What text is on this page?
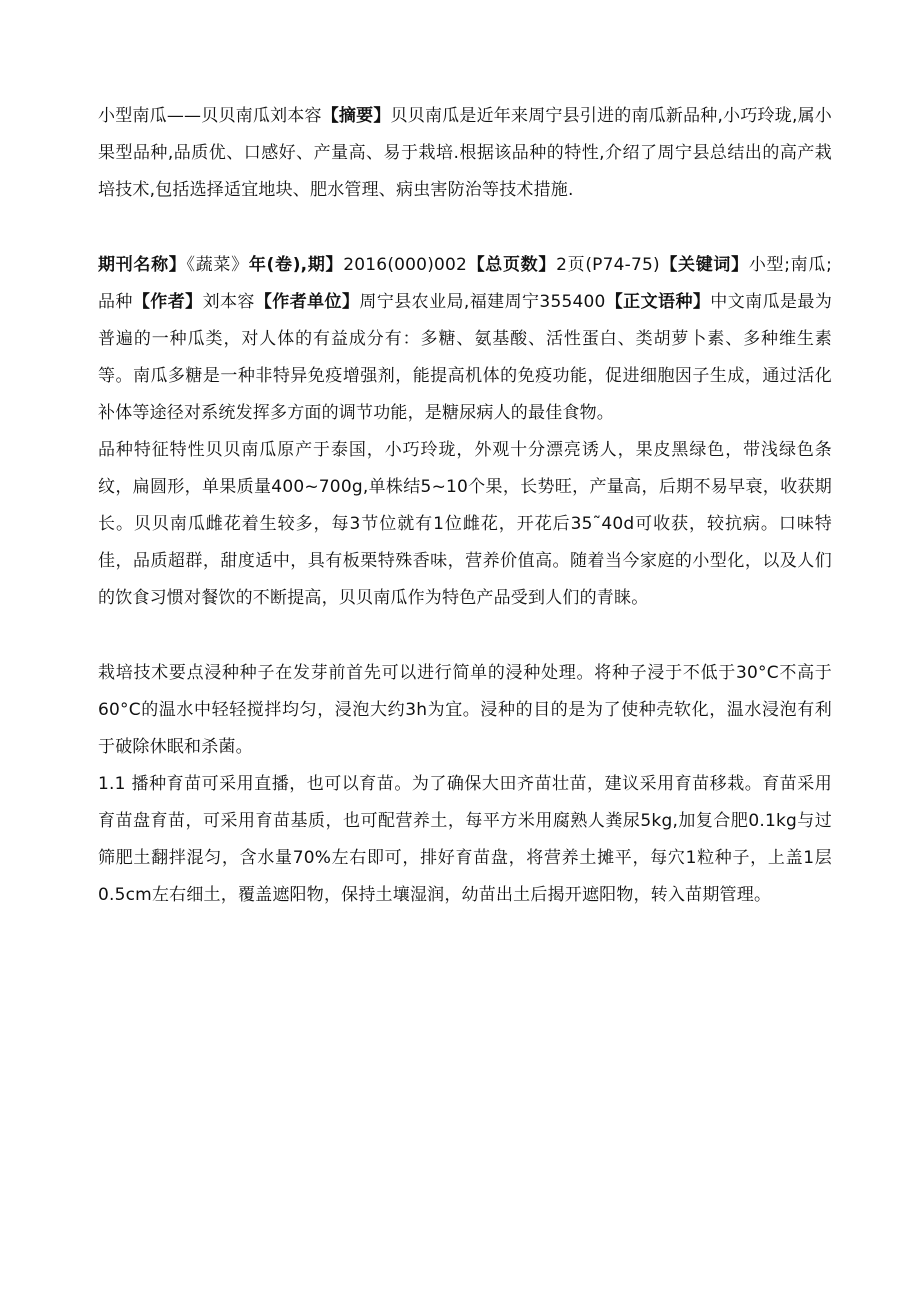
小型南瓜——贝贝南瓜刘本容【摘要】贝贝南瓜是近年来周宁县引进的南瓜新品种,小巧玲珑,属小果型品种,品质优、口感好、产量高、易于栽培.根据该品种的特性,介绍了周宁县总结出的高产栽培技术,包括选择适宜地块、肥水管理、病虫害防治等技术措施.

期刊名称】《蔬菜》年(卷),期】2016(000)002【总页数】2页(P74-75)【关键词】小型;南瓜;品种【作者】刘本容【作者单位】周宁县农业局,福建周宁355400【正文语种】中文南瓜是最为普遍的一种瓜类，对人体的有益成分有：多糖、氨基酸、活性蛋白、类胡萝卜素、多种维生素等。南瓜多糖是一种非特异免疫增强剂，能提高机体的免疫功能，促进细胞因子生成，通过活化补体等途径对系统发挥多方面的调节功能，是糖尿病人的最佳食物。

品种特征特性贝贝南瓜原产于泰国，小巧玲珑，外观十分漂亮诱人，果皮黑绿色，带浅绿色条纹，扁圆形，单果质量400~700g,单株结5~10个果，长势旺，产量高，后期不易早衰，收获期长。贝贝南瓜雌花着生较多，每3节位就有1位雌花，开花后35˜40d可收获，较抗病。口味特佳，品质超群，甜度适中，具有板栗特殊香味，营养价值高。随着当今家庭的小型化，以及人们的饮食习惯对餐饮的不断提高，贝贝南瓜作为特色产品受到人们的青睐。

栽培技术要点浸种种子在发芽前首先可以进行简单的浸种处理。将种子浸于不低于30°C不高于60°C的温水中轻轻搅拌均匀，浸泡大约3h为宜。浸种的目的是为了使种壳软化，温水浸泡有利于破除休眠和杀菌。

1.1 播种育苗可采用直播，也可以育苗。为了确保大田齐苗壮苗，建议采用育苗移栽。育苗采用育苗盘育苗，可采用育苗基质，也可配营养土，每平方米用腐熟人粪尿5kg,加复合肥0.1kg与过筛肥土翻拌混匀，含水量70%左右即可，排好育苗盘，将营养土摊平，每穴1粒种子，上盖1层0.5cm左右细土，覆盖遮阳物，保持土壤湿润，幼苗出土后揭开遮阳物，转入苗期管理。
